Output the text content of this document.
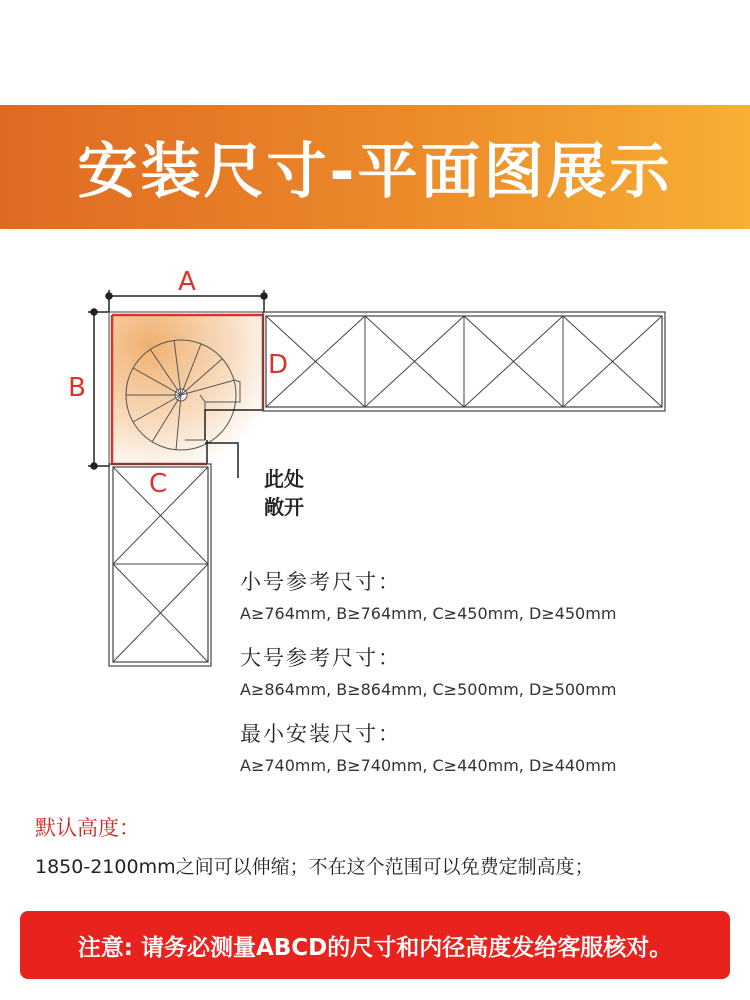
安装尺寸-平面图展示
A
B
此处
敞开
D
C
小号参考尺寸：
A≥764mm, B≥764mm, C≥450mm, D≥450mm
大号参考尺寸：
A≥864mm, B≥864mm, C≥500mm, D≥500mm
最小安装尺寸：
A≥740mm, B≥740mm, C≥440mm, D≥440mm
默认高度：
1850-2100mm之间可以伸缩；不在这个范围可以免费定制高度；
注意: 请务必测量ABCD的尺寸和内径高度发给客服核对。
